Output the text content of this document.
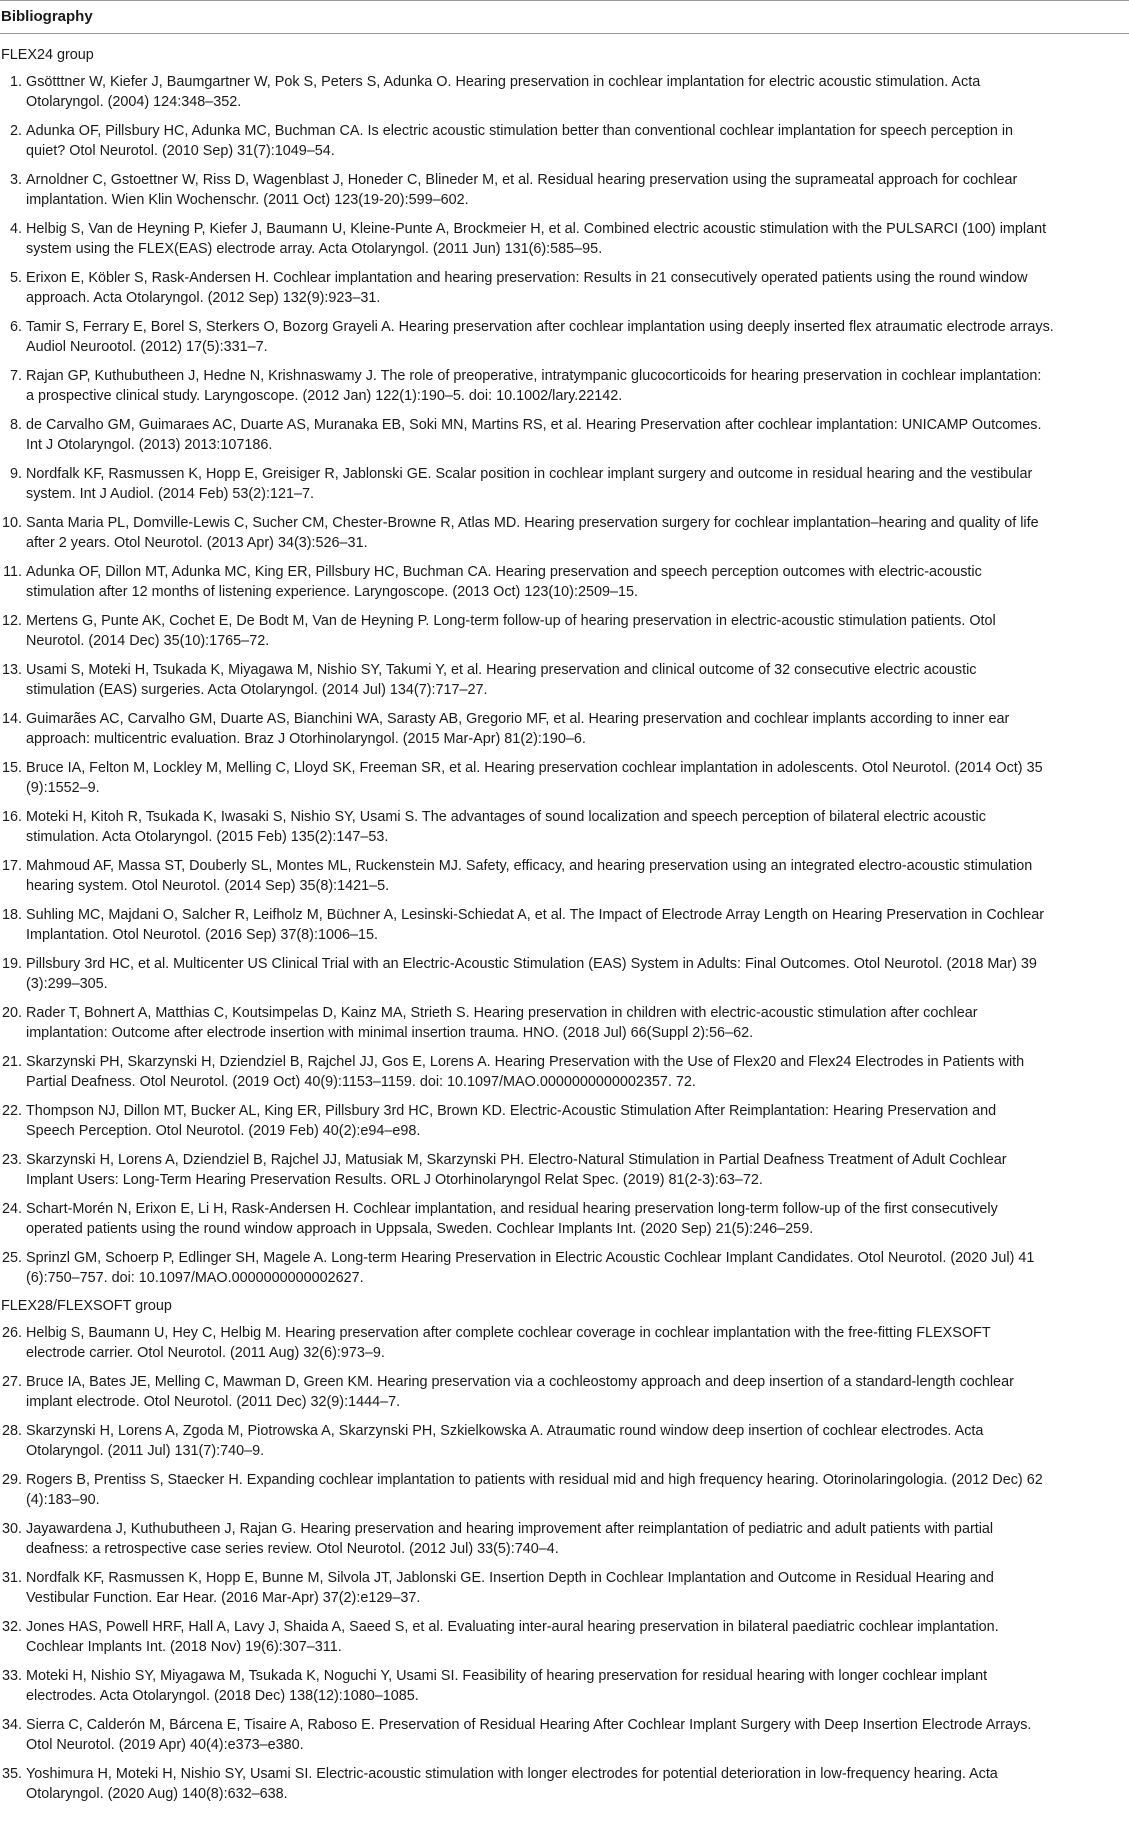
Bibliography
FLEX24 group
1. Gsötttner W, Kiefer J, Baumgartner W, Pok S, Peters S, Adunka O. Hearing preservation in cochlear implantation for electric acoustic stimulation. Acta
Otolaryngol. (2004) 124:348–352.
2. Adunka OF, Pillsbury HC, Adunka MC, Buchman CA. Is electric acoustic stimulation better than conventional cochlear implantation for speech perception in
quiet? Otol Neurotol. (2010 Sep) 31(7):1049–54.
3. Arnoldner C, Gstoettner W, Riss D, Wagenblast J, Honeder C, Blineder M, et al. Residual hearing preservation using the suprameatal approach for cochlear
implantation. Wien Klin Wochenschr. (2011 Oct) 123(19-20):599–602.
4. Helbig S, Van de Heyning P, Kiefer J, Baumann U, Kleine-Punte A, Brockmeier H, et al. Combined electric acoustic stimulation with the PULSARCI (100) implant
system using the FLEX(EAS) electrode array. Acta Otolaryngol. (2011 Jun) 131(6):585–95.
5. Erixon E, Köbler S, Rask-Andersen H. Cochlear implantation and hearing preservation: Results in 21 consecutively operated patients using the round window
approach. Acta Otolaryngol. (2012 Sep) 132(9):923–31.
6. Tamir S, Ferrary E, Borel S, Sterkers O, Bozorg Grayeli A. Hearing preservation after cochlear implantation using deeply inserted flex atraumatic electrode arrays.
Audiol Neurootol. (2012) 17(5):331–7.
7. Rajan GP, Kuthubutheen J, Hedne N, Krishnaswamy J. The role of preoperative, intratympanic glucocorticoids for hearing preservation in cochlear implantation:
a prospective clinical study. Laryngoscope. (2012 Jan) 122(1):190–5. doi: 10.1002/lary.22142.
8. de Carvalho GM, Guimaraes AC, Duarte AS, Muranaka EB, Soki MN, Martins RS, et al. Hearing Preservation after cochlear implantation: UNICAMP Outcomes.
Int J Otolaryngol. (2013) 2013:107186.
9. Nordfalk KF, Rasmussen K, Hopp E, Greisiger R, Jablonski GE. Scalar position in cochlear implant surgery and outcome in residual hearing and the vestibular
system. Int J Audiol. (2014 Feb) 53(2):121–7.
10. Santa Maria PL, Domville-Lewis C, Sucher CM, Chester-Browne R, Atlas MD. Hearing preservation surgery for cochlear implantation–hearing and quality of life
after 2 years. Otol Neurotol. (2013 Apr) 34(3):526–31.
11. Adunka OF, Dillon MT, Adunka MC, King ER, Pillsbury HC, Buchman CA. Hearing preservation and speech perception outcomes with electric-acoustic
stimulation after 12 months of listening experience. Laryngoscope. (2013 Oct) 123(10):2509–15.
12. Mertens G, Punte AK, Cochet E, De Bodt M, Van de Heyning P. Long-term follow-up of hearing preservation in electric-acoustic stimulation patients. Otol
Neurotol. (2014 Dec) 35(10):1765–72.
13. Usami S, Moteki H, Tsukada K, Miyagawa M, Nishio SY, Takumi Y, et al. Hearing preservation and clinical outcome of 32 consecutive electric acoustic
stimulation (EAS) surgeries. Acta Otolaryngol. (2014 Jul) 134(7):717–27.
14. Guimarães AC, Carvalho GM, Duarte AS, Bianchini WA, Sarasty AB, Gregorio MF, et al. Hearing preservation and cochlear implants according to inner ear
approach: multicentric evaluation. Braz J Otorhinolaryngol. (2015 Mar-Apr) 81(2):190–6.
15. Bruce IA, Felton M, Lockley M, Melling C, Lloyd SK, Freeman SR, et al. Hearing preservation cochlear implantation in adolescents. Otol Neurotol. (2014 Oct) 35
(9):1552–9.
16. Moteki H, Kitoh R, Tsukada K, Iwasaki S, Nishio SY, Usami S. The advantages of sound localization and speech perception of bilateral electric acoustic
stimulation. Acta Otolaryngol. (2015 Feb) 135(2):147–53.
17. Mahmoud AF, Massa ST, Douberly SL, Montes ML, Ruckenstein MJ. Safety, efficacy, and hearing preservation using an integrated electro-acoustic stimulation
hearing system. Otol Neurotol. (2014 Sep) 35(8):1421–5.
18. Suhling MC, Majdani O, Salcher R, Leifholz M, Büchner A, Lesinski-Schiedat A, et al. The Impact of Electrode Array Length on Hearing Preservation in Cochlear
Implantation. Otol Neurotol. (2016 Sep) 37(8):1006–15.
19. Pillsbury 3rd HC, et al. Multicenter US Clinical Trial with an Electric-Acoustic Stimulation (EAS) System in Adults: Final Outcomes. Otol Neurotol. (2018 Mar) 39
(3):299–305.
20. Rader T, Bohnert A, Matthias C, Koutsimpelas D, Kainz MA, Strieth S. Hearing preservation in children with electric-acoustic stimulation after cochlear
implantation: Outcome after electrode insertion with minimal insertion trauma. HNO. (2018 Jul) 66(Suppl 2):56–62.
21. Skarzynski PH, Skarzynski H, Dziendziel B, Rajchel JJ, Gos E, Lorens A. Hearing Preservation with the Use of Flex20 and Flex24 Electrodes in Patients with
Partial Deafness. Otol Neurotol. (2019 Oct) 40(9):1153–1159. doi: 10.1097/MAO.0000000000002357. 72.
22. Thompson NJ, Dillon MT, Bucker AL, King ER, Pillsbury 3rd HC, Brown KD. Electric-Acoustic Stimulation After Reimplantation: Hearing Preservation and
Speech Perception. Otol Neurotol. (2019 Feb) 40(2):e94–e98.
23. Skarzynski H, Lorens A, Dziendziel B, Rajchel JJ, Matusiak M, Skarzynski PH. Electro-Natural Stimulation in Partial Deafness Treatment of Adult Cochlear
Implant Users: Long-Term Hearing Preservation Results. ORL J Otorhinolaryngol Relat Spec. (2019) 81(2-3):63–72.
24. Schart-Morén N, Erixon E, Li H, Rask-Andersen H. Cochlear implantation, and residual hearing preservation long-term follow-up of the first consecutively
operated patients using the round window approach in Uppsala, Sweden. Cochlear Implants Int. (2020 Sep) 21(5):246–259.
25. Sprinzl GM, Schoerp P, Edlinger SH, Magele A. Long-term Hearing Preservation in Electric Acoustic Cochlear Implant Candidates. Otol Neurotol. (2020 Jul) 41
(6):750–757. doi: 10.1097/MAO.0000000000002627.
FLEX28/FLEXSOFT group
26. Helbig S, Baumann U, Hey C, Helbig M. Hearing preservation after complete cochlear coverage in cochlear implantation with the free-fitting FLEXSOFT
electrode carrier. Otol Neurotol. (2011 Aug) 32(6):973–9.
27. Bruce IA, Bates JE, Melling C, Mawman D, Green KM. Hearing preservation via a cochleostomy approach and deep insertion of a standard-length cochlear
implant electrode. Otol Neurotol. (2011 Dec) 32(9):1444–7.
28. Skarzynski H, Lorens A, Zgoda M, Piotrowska A, Skarzynski PH, Szkielkowska A. Atraumatic round window deep insertion of cochlear electrodes. Acta
Otolaryngol. (2011 Jul) 131(7):740–9.
29. Rogers B, Prentiss S, Staecker H. Expanding cochlear implantation to patients with residual mid and high frequency hearing. Otorinolaringologia. (2012 Dec) 62
(4):183–90.
30. Jayawardena J, Kuthubutheen J, Rajan G. Hearing preservation and hearing improvement after reimplantation of pediatric and adult patients with partial
deafness: a retrospective case series review. Otol Neurotol. (2012 Jul) 33(5):740–4.
31. Nordfalk KF, Rasmussen K, Hopp E, Bunne M, Silvola JT, Jablonski GE. Insertion Depth in Cochlear Implantation and Outcome in Residual Hearing and
Vestibular Function. Ear Hear. (2016 Mar-Apr) 37(2):e129–37.
32. Jones HAS, Powell HRF, Hall A, Lavy J, Shaida A, Saeed S, et al. Evaluating inter-aural hearing preservation in bilateral paediatric cochlear implantation.
Cochlear Implants Int. (2018 Nov) 19(6):307–311.
33. Moteki H, Nishio SY, Miyagawa M, Tsukada K, Noguchi Y, Usami SI. Feasibility of hearing preservation for residual hearing with longer cochlear implant
electrodes. Acta Otolaryngol. (2018 Dec) 138(12):1080–1085.
34. Sierra C, Calderón M, Bárcena E, Tisaire A, Raboso E. Preservation of Residual Hearing After Cochlear Implant Surgery with Deep Insertion Electrode Arrays.
Otol Neurotol. (2019 Apr) 40(4):e373–e380.
35. Yoshimura H, Moteki H, Nishio SY, Usami SI. Electric-acoustic stimulation with longer electrodes for potential deterioration in low-frequency hearing. Acta
Otolaryngol. (2020 Aug) 140(8):632–638.
